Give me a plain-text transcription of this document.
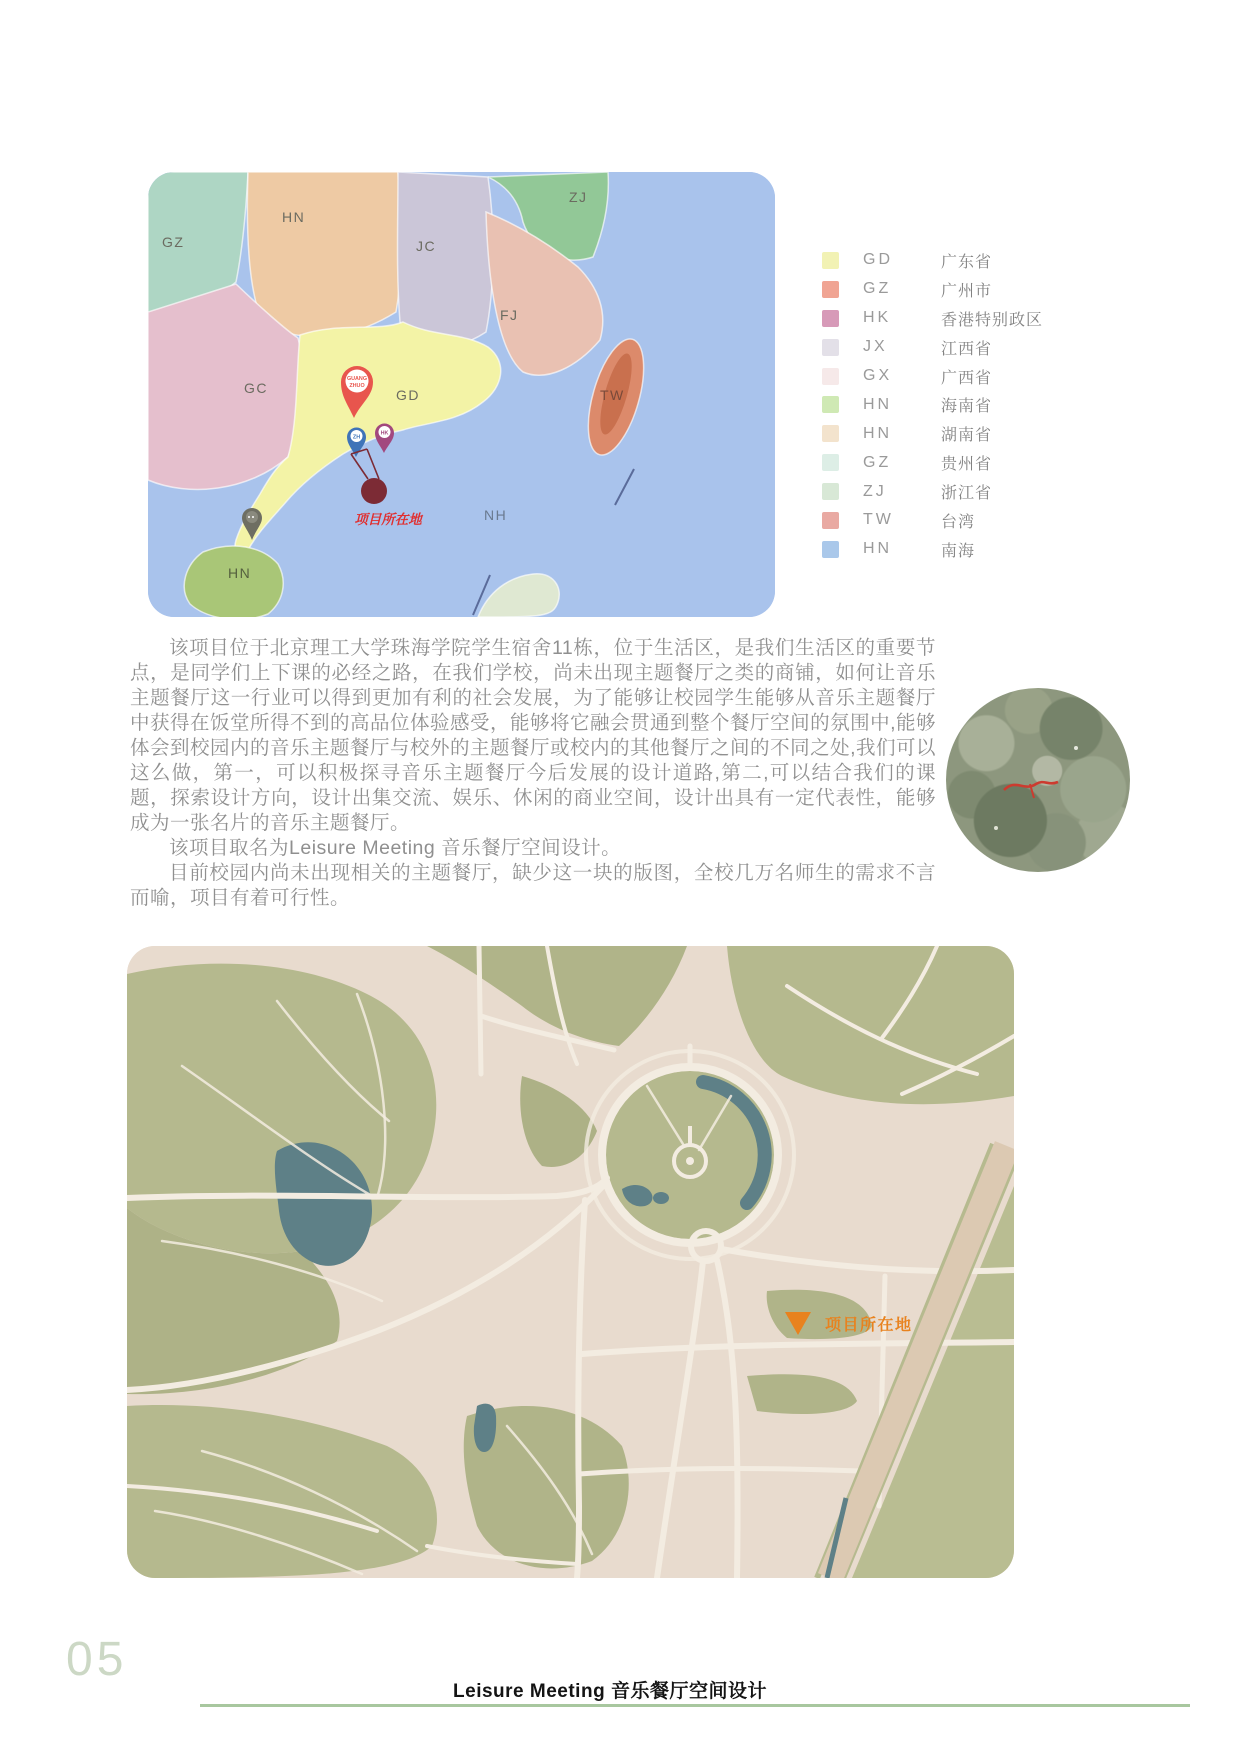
GZ
HN
JC
ZJ
FJ
GC	GD	TW
NH
HN
GUANG
ZHUO
ZH
HK
项目所在地
GD	广东省
GZ	广州市
HK	香港特别政区
JX	江西省
GX	广西省
HN	海南省
HN	湖南省
GZ	贵州省
ZJ	浙江省
TW	台湾
HN	南海

该项目位于北京理工大学珠海学院学生宿舍11栋，位于生活区，是我们生活区的重要节点，是同学们上下课的必经之路，在我们学校，尚未出现主题餐厅之类的商铺，如何让音乐主题餐厅这一行业可以得到更加有利的社会发展，为了能够让校园学生能够从音乐主题餐厅中获得在饭堂所得不到的高品位体验感受，能够将它融会贯通到整个餐厅空间的氛围中,能够体会到校园内的音乐主题餐厅与校外的主题餐厅或校内的其他餐厅之间的不同之处,我们可以这么做，第一，可以积极探寻音乐主题餐厅今后发展的设计道路,第二,可以结合我们的课题，探索设计方向，设计出集交流、娱乐、休闲的商业空间，设计出具有一定代表性，能够成为一张名片的音乐主题餐厅。

该项目取名为Leisure Meeting 音乐餐厅空间设计。

目前校园内尚未出现相关的主题餐厅，缺少这一块的版图，全校几万名师生的需求不言而喻，项目有着可行性。

项目所在地
05
Leisure Meeting 音乐餐厅空间设计
